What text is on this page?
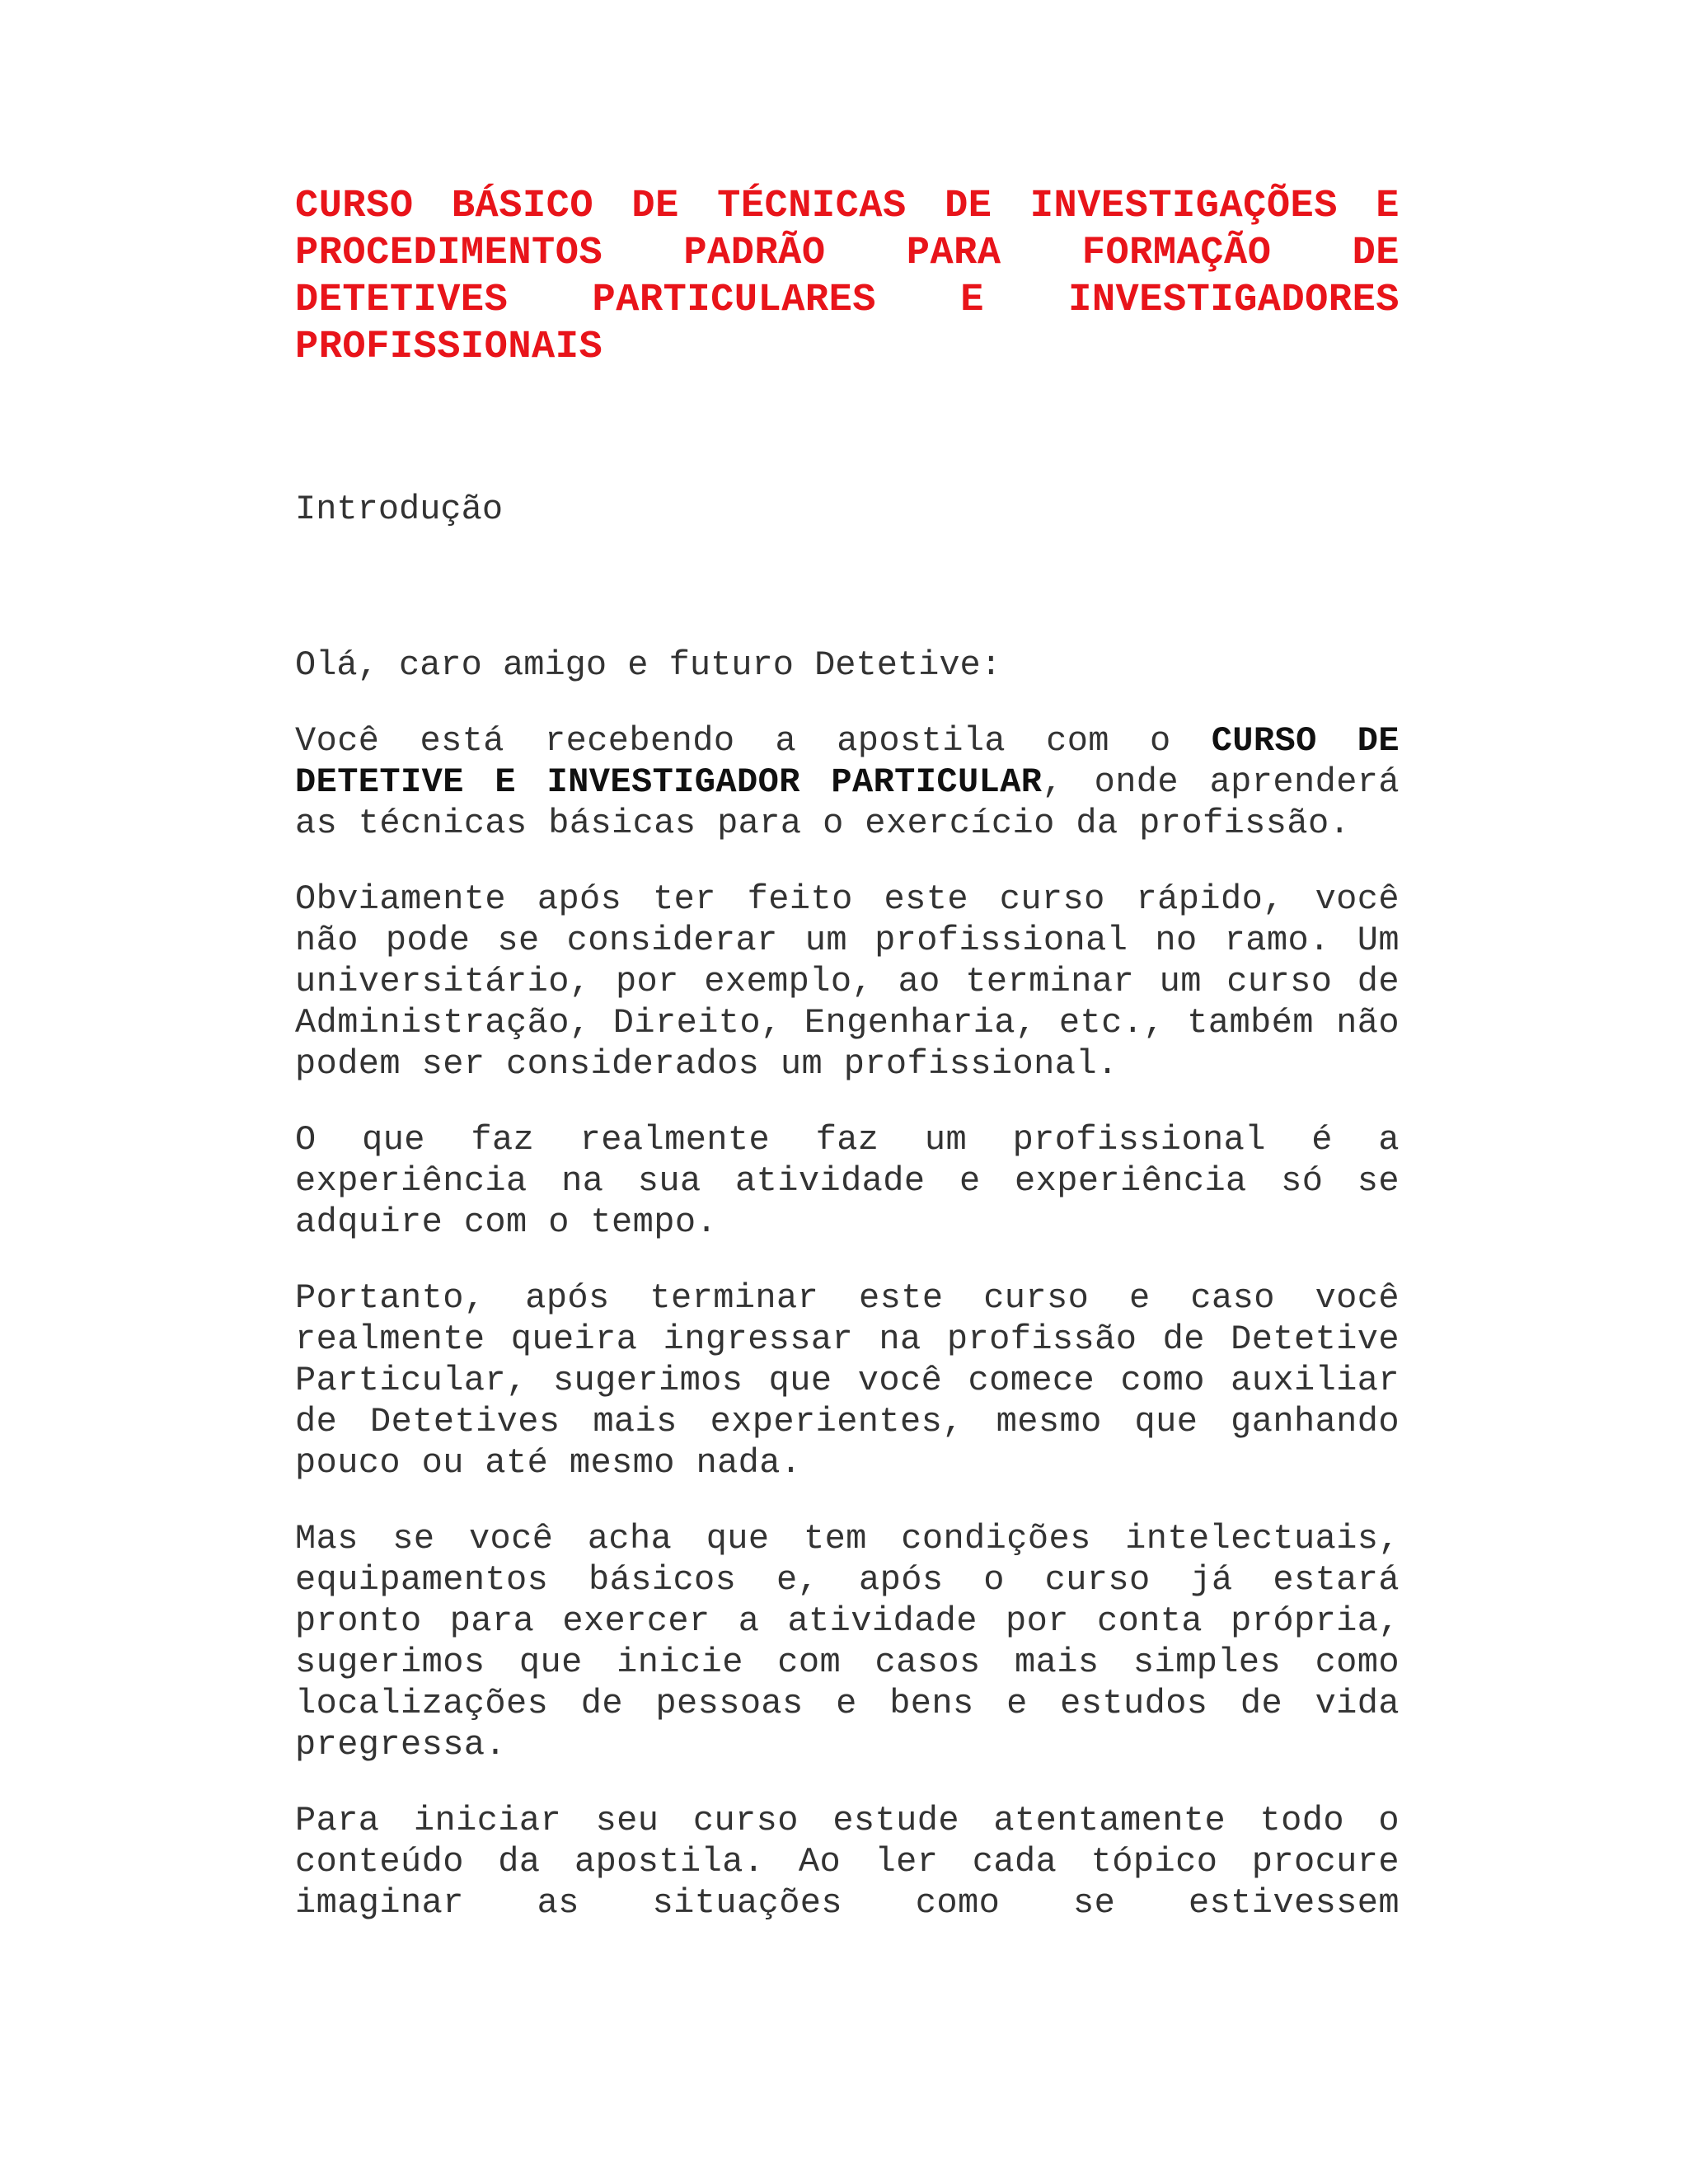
CURSO BÁSICO DE TÉCNICAS DE INVESTIGAÇÕES E PROCEDIMENTOS PADRÃO PARA FORMAÇÃO DE DETETIVES PARTICULARES E INVESTIGADORES PROFISSIONAIS
Introdução

Olá, caro amigo e futuro Detetive:

Você está recebendo a apostila com o CURSO DE DETETIVE E INVESTIGADOR PARTICULAR, onde aprenderá as técnicas básicas para o exercício da profissão.

Obviamente após ter feito este curso rápido, você não pode se considerar um profissional no ramo. Um universitário, por exemplo, ao terminar um curso de Administração, Direito, Engenharia, etc., também não podem ser considerados um profissional.

O que faz realmente faz um profissional é a experiência na sua atividade e experiência só se adquire com o tempo.

Portanto, após terminar este curso e caso você realmente queira ingressar na profissão de Detetive Particular, sugerimos que você comece como auxiliar de Detetives mais experientes, mesmo que ganhando pouco ou até mesmo nada.

Mas se você acha que tem condições intelectuais, equipamentos básicos e, após o curso já estará pronto para exercer a atividade por conta própria, sugerimos que inicie com casos mais simples como localizações de pessoas e bens e estudos de vida pregressa.

Para iniciar seu curso estude atentamente todo o conteúdo da apostila. Ao ler cada tópico procure imaginar as situações como se estivessem
